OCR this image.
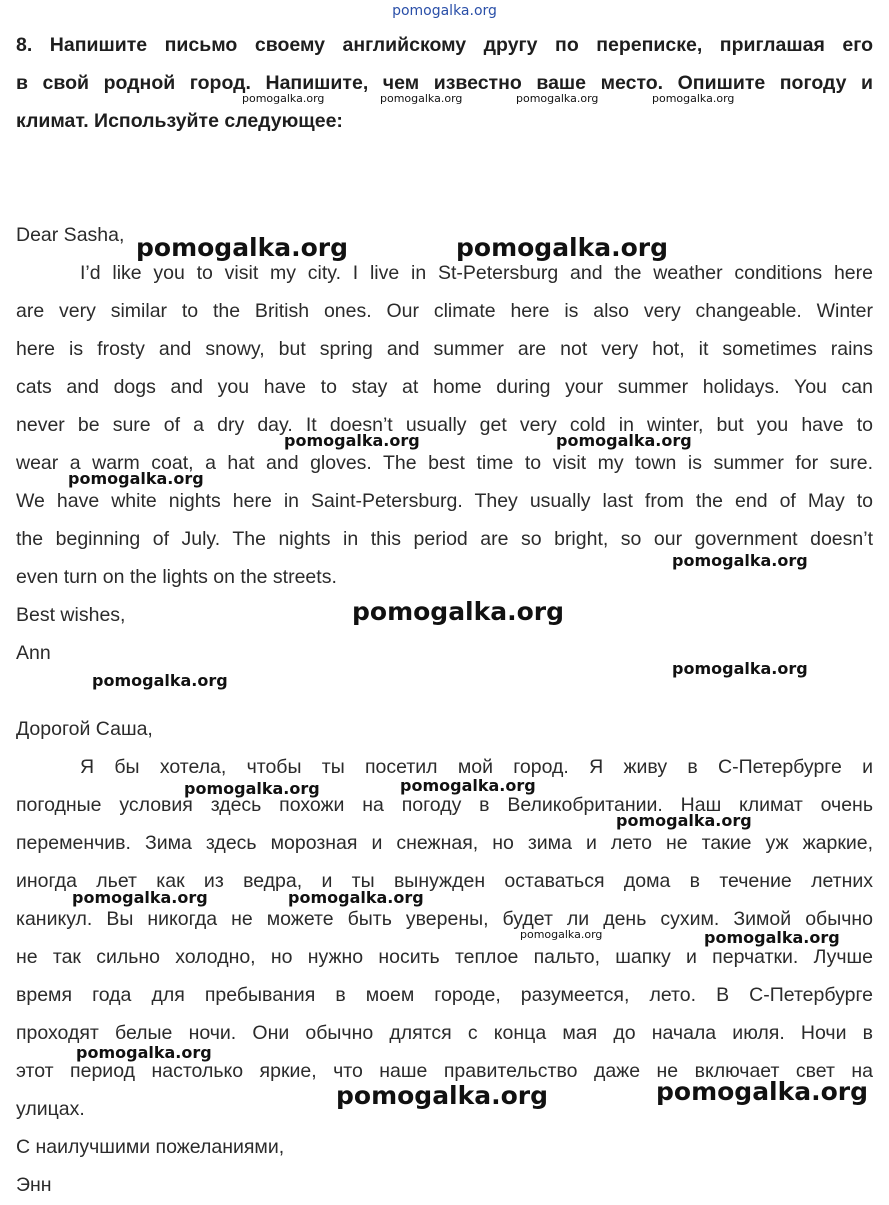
pomogalka.org
8. Напишите письмо своему английскому другу по переписке, приглашая его
в свой родной город. Напишите, чем известно ваше место. Опишите погоду и
климат. Используйте следующее:
Dear Sasha,
I’d like you to visit my city. I live in St-Petersburg and the weather conditions here
are very similar to the British ones. Our climate here is also very changeable. Winter
here is frosty and snowy, but spring and summer are not very hot, it sometimes rains
cats and dogs and you have to stay at home during your summer holidays. You can
never be sure of a dry day. It doesn’t usually get very cold in winter, but you have to
wear a warm coat, a hat and gloves. The best time to visit my town is summer for sure.
We have white nights here in Saint-Petersburg. They usually last from the end of May to
the beginning of July. The nights in this period are so bright, so our government doesn’t
even turn on the lights on the streets.
Best wishes,
Ann
Дорогой Саша,
Я бы хотела, чтобы ты посетил мой город. Я живу в С-Петербурге и
погодные условия здесь похожи на погоду в Великобритании. Наш климат очень
переменчив. Зима здесь морозная и снежная, но зима и лето не такие уж жаркие,
иногда льет как из ведра, и ты вынужден оставаться дома в течение летних
каникул. Вы никогда не можете быть уверены, будет ли день сухим. Зимой обычно
не так сильно холодно, но нужно носить теплое пальто, шапку и перчатки. Лучше
время года для пребывания в моем городе, разумеется, лето. В С-Петербурге
проходят белые ночи. Они обычно длятся с конца мая до начала июля. Ночи в
этот период настолько яркие, что наше правительство даже не включает свет на
улицах.
С наилучшими пожеланиями,
Энн
pomogalka.org	pomogalka.org	pomogalka.org	pomogalka.org
pomogalka.org	pomogalka.org
pomogalka.org	pomogalka.org
pomogalka.org
pomogalka.org
pomogalka.org
pomogalka.org
pomogalka.org
pomogalka.org
pomogalka.org
pomogalka.org
pomogalka.org	pomogalka.org
pomogalka.org	pomogalka.org
pomogalka.org
pomogalka.org	pomogalka.org
